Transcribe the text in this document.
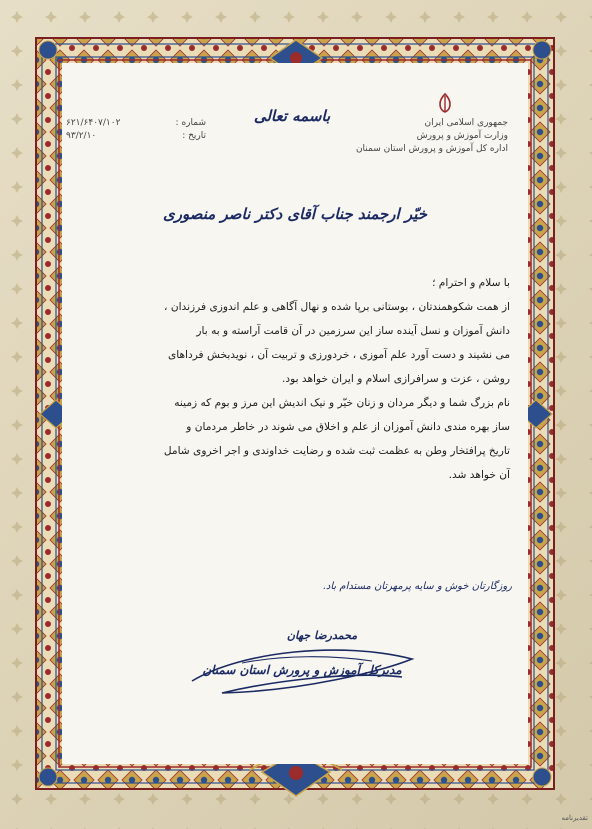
جمهوری اسلامی ایران
وزارت آموزش و پرورش
اداره کل آموزش و پرورش استان سمنان
باسمه تعالی
شماره :
۶۲۱/۶۴۰۷/۱۰۲
تاریخ :
۹۳/۲/۱۰
خیّر ارجمند جناب آقای دکتر ناصر منصوری
با سلام و احترام ؛
از همت شکوهمندتان ، بوستانی برپا شده و نهال آگاهی و علم اندوزی فرزندان ،
دانش آموزان و نسل آینده ساز این سرزمین در آن قامت آراسته و به بار
می نشیند و دست آورد علم آموزی ، خردورزی و تربیت آن ، نویدبخش فرداهای
روشن ، عزت و سرافرازی اسلام و ایران خواهد بود.
نام بزرگ شما و دیگر مردان و زنان خیّر و نیک اندیش این مرز و بوم که زمینه
ساز بهره مندی دانش آموزان از علم و اخلاق می شوند در خاطر مردمان و
تاریخ پرافتخار وطن به عظمت ثبت شده و رضایت خداوندی و اجر اخروی شامل
آن خواهد شد.
روزگارتان خوش و سایه پرمهرتان مستدام باد.
محمدرضا جهان
مدیرکل آموزش و پرورش استان سمنان
تقدیرنامه
